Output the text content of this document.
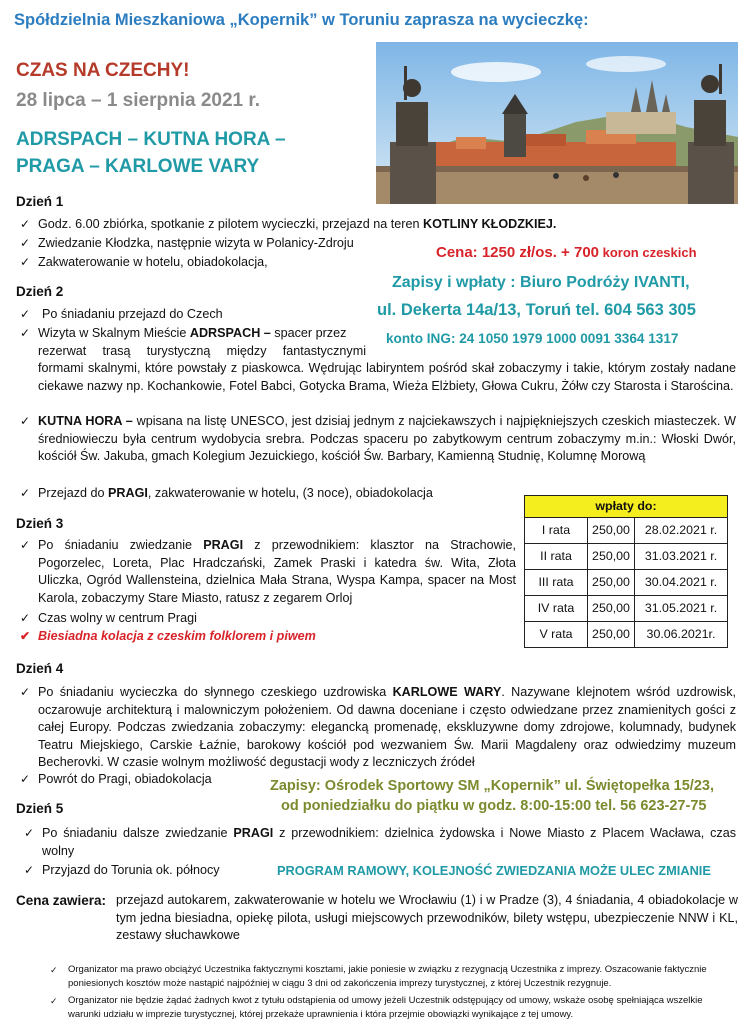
Spółdzielnia Mieszkaniowa „Kopernik” w Toruniu zaprasza na wycieczkę:
CZAS NA CZECHY!
28 lipca – 1 sierpnia 2021 r.
ADRSPACH – KUTNA HORA –
PRAGA – KARLOWE VARY
Dzień 1
✓ Godz. 6.00 zbiórka, spotkanie z pilotem wycieczki, przejazd na teren KOTLINY KŁODZKIEJ.
✓ Zwiedzanie Kłodzka, następnie wizyta w Polanicy-Zdroju
✓ Zakwaterowanie w hotelu, obiadokolacja,
Cena: 1250 zł/os. + 700 koron czeskich
Zapisy i wpłaty : Biuro Podróży IVANTI,
ul. Dekerta 14a/13, Toruń tel. 604 563 305
konto ING: 24 1050 1979 1000 0091 3364 1317
Dzień 2
✓ Po śniadaniu przejazd do Czech
✓ Wizyta w Skalnym Mieście ADRSPACH – spacer przez
rezerwat trasą turystyczną między fantastycznymi
formami skalnymi, które powstały z piaskowca. Wędrując labiryntem pośród skał zobaczymy i takie, którym zostały nadane ciekawe nazwy np. Kochankowie, Fotel Babci, Gotycka Brama, Wieża Elżbiety, Głowa Cukru, Żółw czy Starosta i Starościna.
✓ KUTNA HORA – wpisana na listę UNESCO, jest dzisiaj jednym z najciekawszych i najpiękniejszych czeskich miasteczek. W średniowieczu była centrum wydobycia srebra. Podczas spaceru po zabytkowym centrum zobaczymy m.in.: Włoski Dwór, kościół Św. Jakuba, gmach Kolegium Jezuickiego, kościół Św. Barbary, Kamienną Studnię, Kolumnę Morową
✓ Przejazd do PRAGI, zakwaterowanie w hotelu, (3 noce), obiadokolacja
wpłaty do:		
I rata	250,00	28.02.2021 r.
II rata	250,00	31.03.2021 r.
III rata	250,00	30.04.2021 r.
IV rata	250,00	31.05.2021 r.
V rata	250,00	30.06.2021r.
Dzień 3
✓ Po śniadaniu zwiedzanie PRAGI z przewodnikiem: klasztor na Strachowie, Pogorzelec, Loreta, Plac Hradczański, Zamek Praski i katedra św. Wita, Złota Uliczka, Ogród Wallensteina, dzielnica Mała Strana, Wyspa Kampa, spacer na Most Karola, zobaczymy Stare Miasto, ratusz z zegarem Orloj
✓ Czas wolny w centrum Pragi
✔ Biesiadna kolacja z czeskim folklorem i piwem
Dzień 4
✓ Po śniadaniu wycieczka do słynnego czeskiego uzdrowiska KARLOWE WARY. Nazywane klejnotem wśród uzdrowisk, oczarowuje architekturą i malowniczym położeniem. Od dawna doceniane i często odwiedzane przez znamienitych gości z całej Europy. Podczas zwiedzania zobaczymy: elegancką promenadę, ekskluzywne domy zdrojowe, kolumnady, budynek Teatru Miejskiego, Carskie Łaźnie, barokowy kościół pod wezwaniem Św. Marii Magdaleny oraz odwiedzimy muzeum Becherovki. W czasie wolnym możliwość degustacji wody z leczniczych źródeł
✓ Powrót do Pragi, obiadokolacja	Zapisy: Ośrodek Sportowy SM „Kopernik” ul. Świętopełka 15/23,
od poniedziałku do piątku w godz. 8:00-15:00 tel. 56 623-27-75
Dzień 5
✓ Po śniadaniu dalsze zwiedzanie PRAGI z przewodnikiem: dzielnica żydowska i Nowe Miasto z Placem Wacława, czas wolny
✓ Przyjazd do Torunia ok. północy	PROGRAM RAMOWY, KOLEJNOŚĆ ZWIEDZANIA MOŻE ULEC ZMIANIE
Cena zawiera: przejazd autokarem, zakwaterowanie w hotelu we Wrocławiu (1) i w Pradze (3), 4 śniadania, 4 obiadokolacje w tym jedna biesiadna, opiekę pilota, usługi miejscowych przewodników, bilety wstępu, ubezpieczenie NNW i KL, zestawy słuchawkowe
✓ Organizator ma prawo obciążyć Uczestnika faktycznymi kosztami, jakie poniesie w związku z rezygnacją Uczestnika z imprezy. Oszacowanie faktycznie poniesionych kosztów może nastąpić najpóźniej w ciągu 3 dni od zakończenia imprezy turystycznej, z której Uczestnik rezygnuje.
✓ Organizator nie będzie żądać żadnych kwot z tytułu odstąpienia od umowy jeżeli Uczestnik odstępujący od umowy, wskaże osobę spełniająca wszelkie warunki udziału w imprezie turystycznej, której przekaże uprawnienia i która przejmie obowiązki wynikające z tej umowy.
